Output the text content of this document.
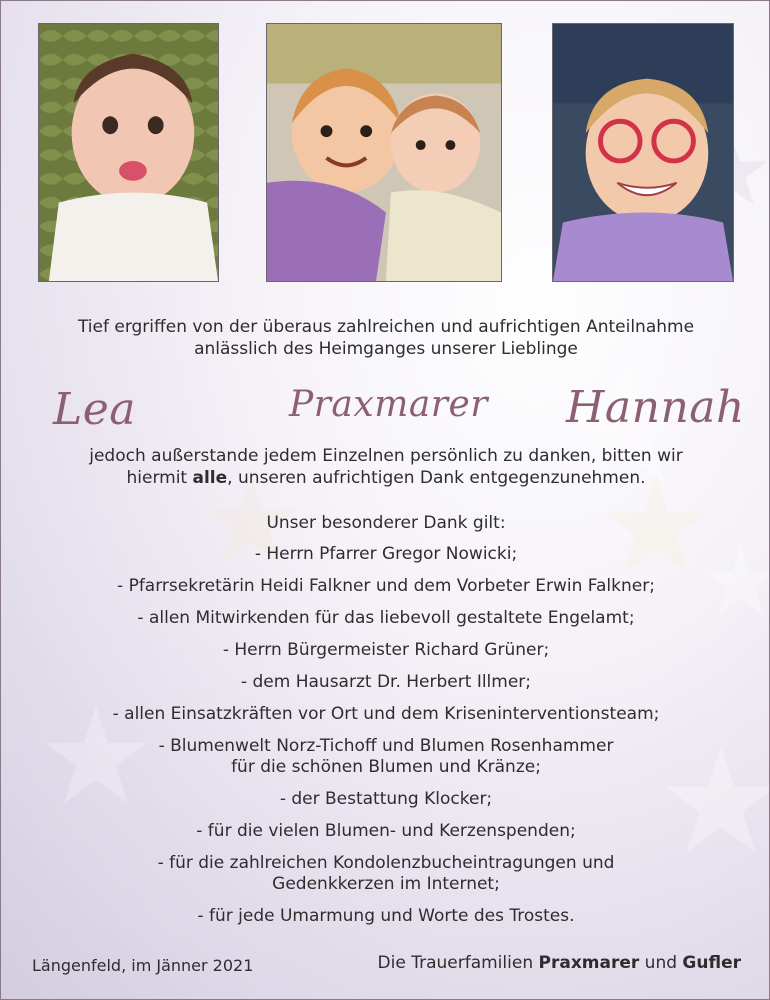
Tief ergriffen von der überaus zahlreichen und aufrichtigen Anteilnahme
anlässlich des Heimganges unserer Lieblinge
Lea	Praxmarer Hannah
jedoch außerstande jedem Einzelnen persönlich zu danken, bitten wir
hiermit alle, unseren aufrichtigen Dank entgegenzunehmen.
Unser besonderer Dank gilt:
- Herrn Pfarrer Gregor Nowicki;
- Pfarrsekretärin Heidi Falkner und dem Vorbeter Erwin Falkner;
- allen Mitwirkenden für das liebevoll gestaltete Engelamt;
- Herrn Bürgermeister Richard Grüner;
- dem Hausarzt Dr. Herbert Illmer;
- allen Einsatzkräften vor Ort und dem Kriseninterventionsteam;
- Blumenwelt Norz-Tichoff und Blumen Rosenhammer
für die schönen Blumen und Kränze;
- der Bestattung Klocker;
- für die vielen Blumen- und Kerzenspenden;
- für die zahlreichen Kondolenzbucheintragungen und
Gedenkkerzen im Internet;
- für jede Umarmung und Worte des Trostes.
Längenfeld, im Jänner 2021	Die Trauerfamilien Praxmarer und Gufler
